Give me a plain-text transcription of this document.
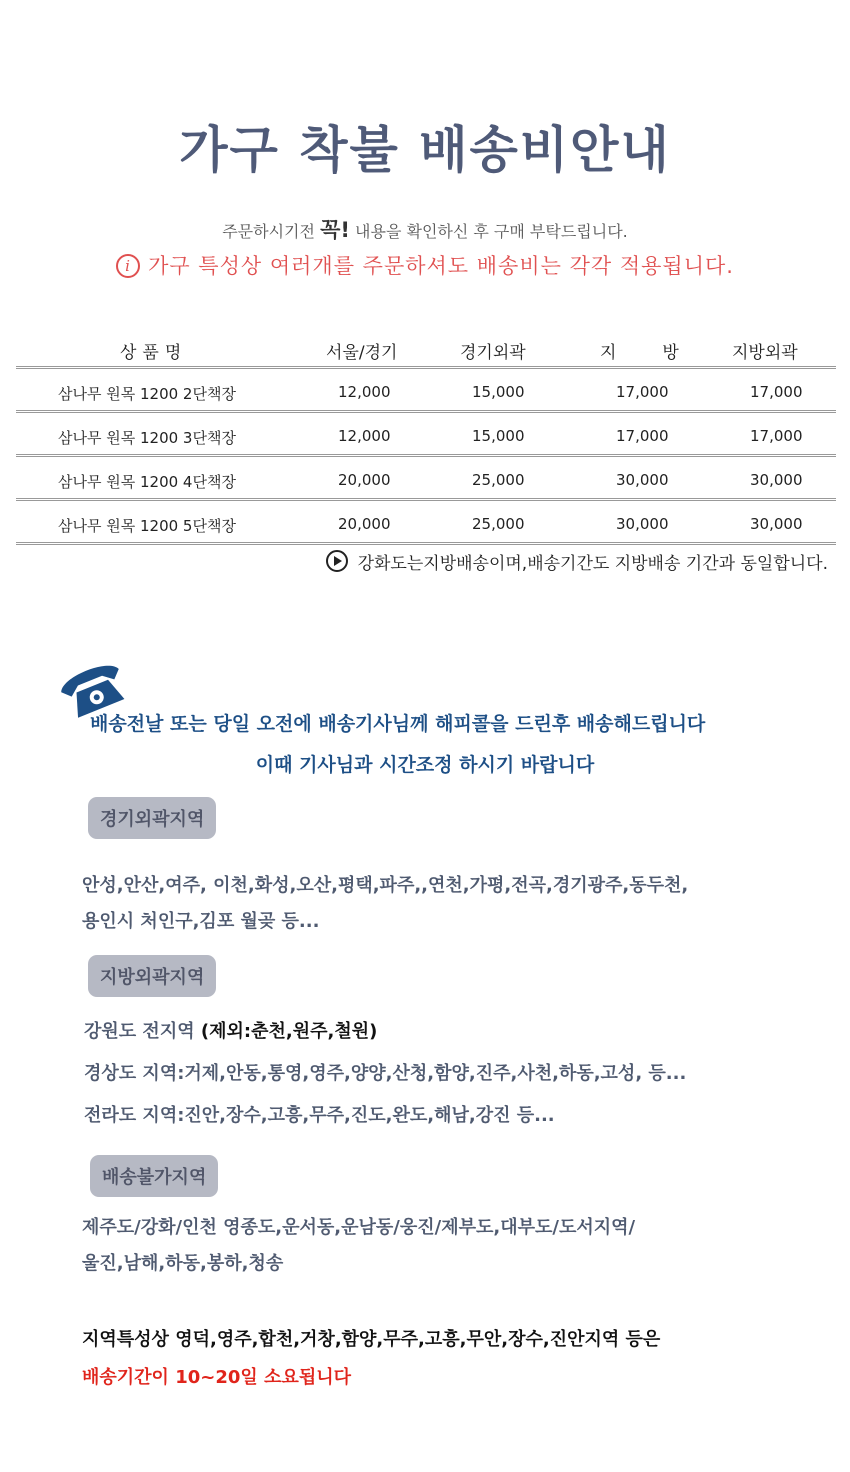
가구 착불 배송비안내
주문하시기전 꼭! 내용을 확인하신 후 구매 부탁드립니다.
i 가구 특성상 여러개를 주문하셔도 배송비는 각각 적용됩니다.
상품명	서울/경기	경기외곽	지방 지방외곽
삼나무 원목 1200 2단책장	12,000	15,000	17,000	17,000
삼나무 원목 1200 3단책장	12,000	15,000	17,000	17,000
삼나무 원목 1200 4단책장	20,000	25,000	30,000	30,000
삼나무 원목 1200 5단책장	20,000	25,000	30,000	30,000
강화도는지방배송이며,배송기간도 지방배송 기간과 동일합니다.
배송전날 또는 당일 오전에 배송기사님께 해피콜을 드린후 배송해드립니다
이때 기사님과 시간조정 하시기 바랍니다
경기외곽지역
안성,안산,여주, 이천,화성,오산,평택,파주,,연천,가평,전곡,경기광주,동두천,
용인시 처인구,김포 월곶 등...
지방외곽지역
강원도 전지역 (제외:춘천,원주,철원)
경상도 지역:거제,안동,통영,영주,양양,산청,함양,진주,사천,하동,고성, 등...
전라도 지역:진안,장수,고흥,무주,진도,완도,해남,강진 등...
배송불가지역
제주도/강화/인천 영종도,운서동,운남동/웅진/제부도,대부도/도서지역/
울진,남해,하동,봉하,청송
지역특성상 영덕,영주,합천,거창,함양,무주,고흥,무안,장수,진안지역 등은
배송기간이 10~20일 소요됩니다
